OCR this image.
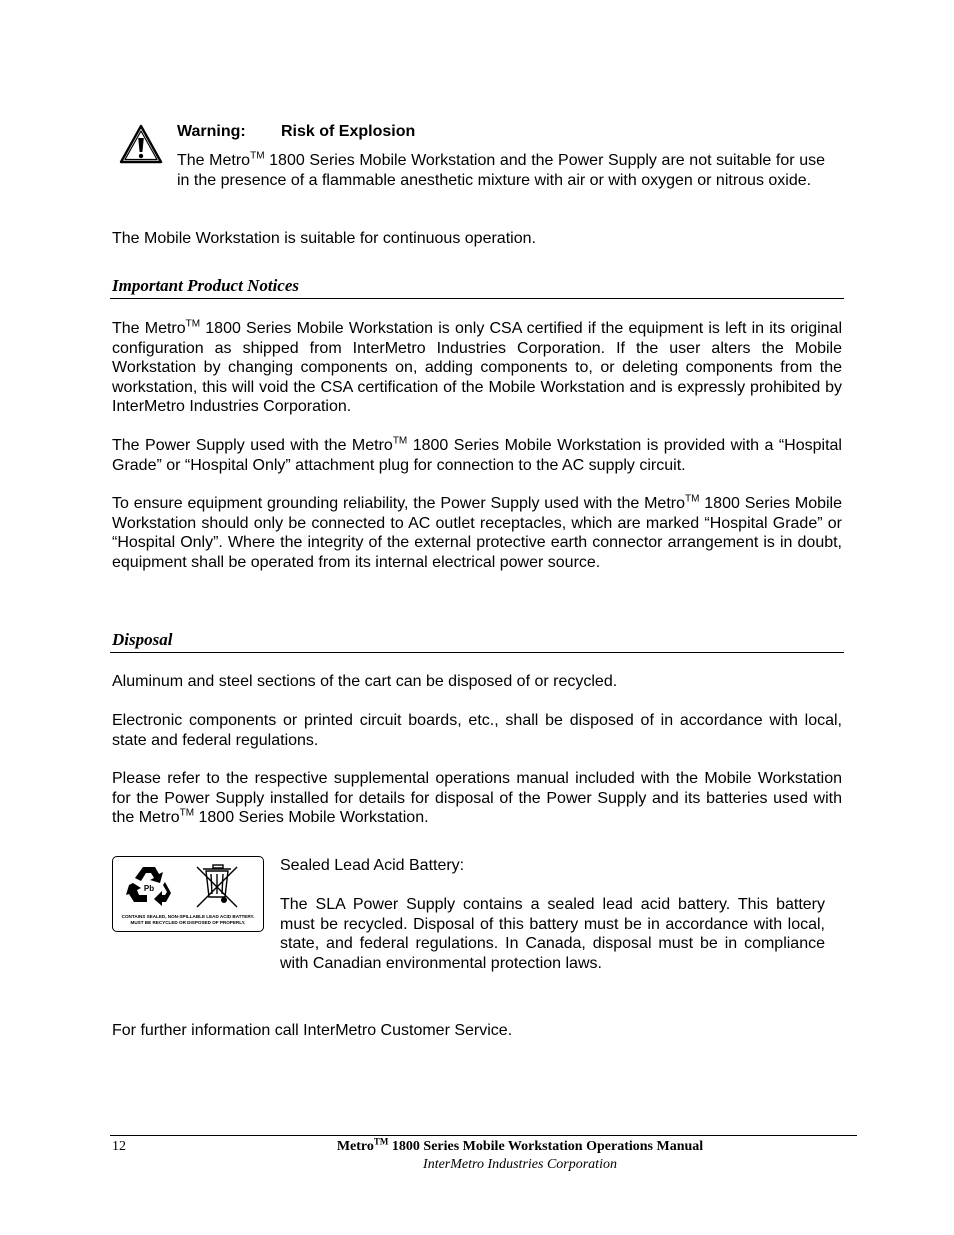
Warning: Risk of Explosion
The Metro™ 1800 Series Mobile Workstation and the Power Supply are not suitable for use in the presence of a flammable anesthetic mixture with air or with oxygen or nitrous oxide.
The Mobile Workstation is suitable for continuous operation.
Important Product Notices
The Metro™ 1800 Series Mobile Workstation is only CSA certified if the equipment is left in its original configuration as shipped from InterMetro Industries Corporation. If the user alters the Mobile Workstation by changing components on, adding components to, or deleting components from the workstation, this will void the CSA certification of the Mobile Workstation and is expressly prohibited by InterMetro Industries Corporation.
The Power Supply used with the Metro™ 1800 Series Mobile Workstation is provided with a “Hospital Grade” or “Hospital Only” attachment plug for connection to the AC supply circuit.
To ensure equipment grounding reliability, the Power Supply used with the Metro™ 1800 Series Mobile Workstation should only be connected to AC outlet receptacles, which are marked “Hospital Grade” or “Hospital Only”. Where the integrity of the external protective earth connector arrangement is in doubt, equipment shall be operated from its internal electrical power source.
Disposal
Aluminum and steel sections of the cart can be disposed of or recycled.
Electronic components or printed circuit boards, etc., shall be disposed of in accordance with local, state and federal regulations.
Please refer to the respective supplemental operations manual included with the Mobile Workstation for the Power Supply installed for details for disposal of the Power Supply and its batteries used with the Metro™ 1800 Series Mobile Workstation.
Pb
CONTAINS SEALED, NON-SPILLABLE LEAD ACID BATTERY.
MUST BE RECYCLED OR DISPOSED OF PROPERLY.
Sealed Lead Acid Battery:
The SLA Power Supply contains a sealed lead acid battery. This battery must be recycled. Disposal of this battery must be in accordance with local, state, and federal regulations. In Canada, disposal must be in compliance with Canadian environmental protection laws.
For further information call InterMetro Customer Service.
12	Metro™ 1800 Series Mobile Workstation Operations Manual
InterMetro Industries Corporation
